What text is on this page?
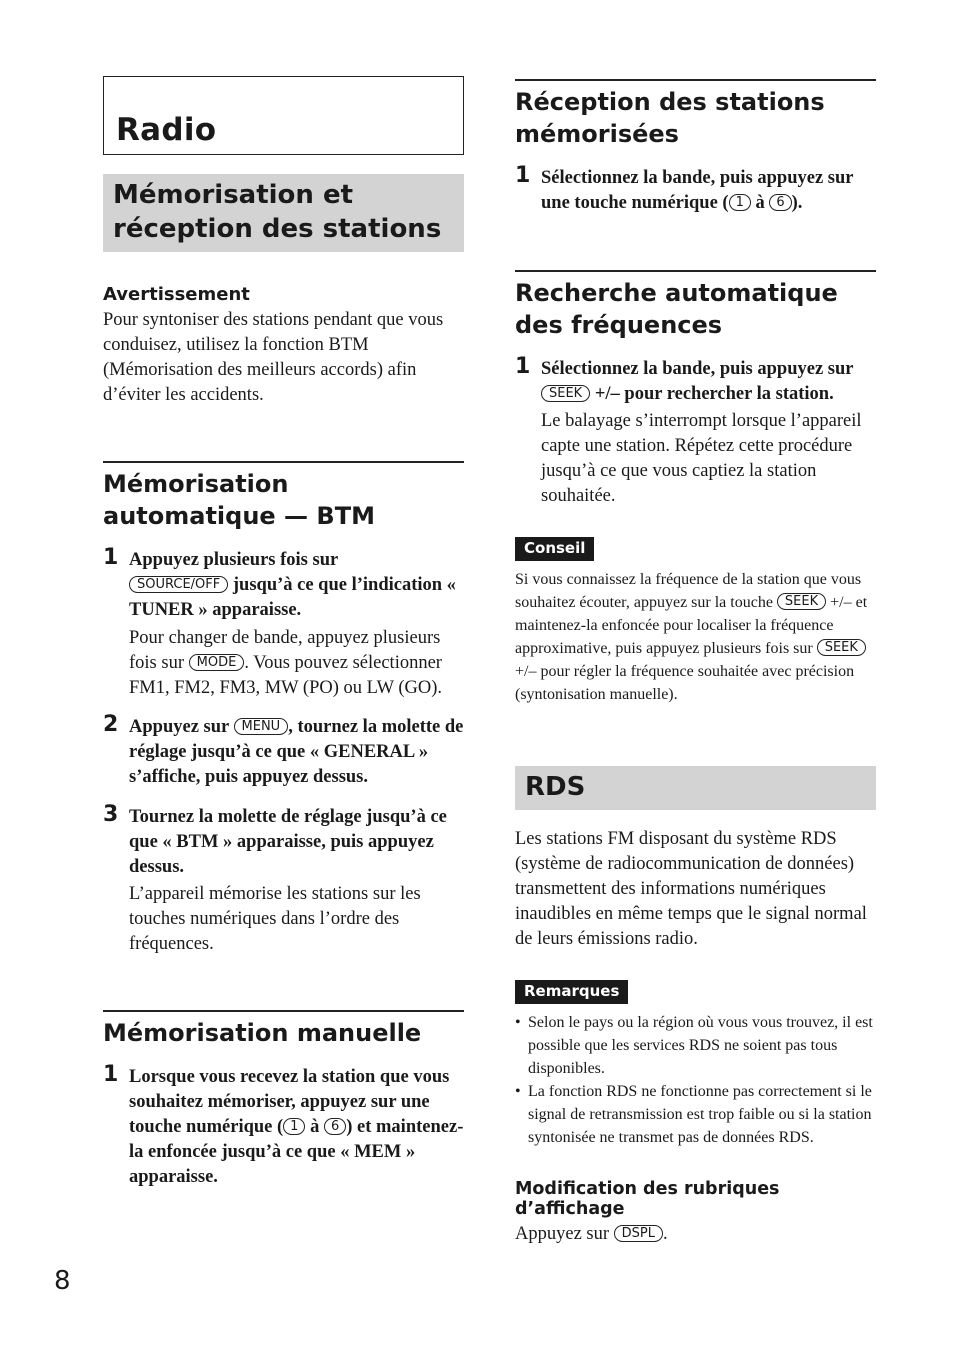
Radio
Mémorisation et réception des stations

Avertissement

Pour syntoniser des stations pendant que vous conduisez, utilisez la fonction BTM (Mémorisation des meilleurs accords) afin d’éviter les accidents.

Mémorisation automatique — BTM
1 Appuyez plusieurs fois sur
SOURCE/OFF jusqu’à ce que l’indication « TUNER » apparaisse.

Pour changer de bande, appuyez plusieurs fois sur MODE . Vous pouvez sélectionner FM1, FM2, FM3, MW (PO) ou LW (GO).

2 Appuyez sur MENU , tournez la molette de réglage jusqu’à ce que « GENERAL » s’affiche, puis appuyez dessus.

3 Tournez la molette de réglage jusqu’à ce que « BTM » apparaisse, puis appuyez dessus.

L’appareil mémorise les stations sur les touches numériques dans l’ordre des fréquences.

Mémorisation manuelle
1 Lorsque vous recevez la station que vous souhaitez mémoriser, appuyez sur une touche numérique ( 1 à 6 ) et maintenez-la enfoncée jusqu’à ce que « MEM » apparaisse.

Réception des stations mémorisées
1 Sélectionnez la bande, puis appuyez sur une touche numérique ( 1 à 6 ).

Recherche automatique des fréquences
1 Sélectionnez la bande, puis appuyez sur SEEK +/– pour rechercher la station.

Le balayage s’interrompt lorsque l’appareil capte une station. Répétez cette procédure jusqu’à ce que vous captiez la station souhaitée.

Conseil

Si vous connaissez la fréquence de la station que vous souhaitez écouter, appuyez sur la touche SEEK +/– et maintenez-la enfoncée pour localiser la fréquence approximative, puis appuyez plusieurs fois sur SEEK +/– pour régler la fréquence souhaitée avec précision (syntonisation manuelle).

RDS

Les stations FM disposant du système RDS (système de radiocommunication de données) transmettent des informations numériques inaudibles en même temps que le signal normal de leurs émissions radio.

Remarques
• Selon le pays ou la région où vous vous trouvez, il est possible que les services RDS ne soient pas tous disponibles.
• La fonction RDS ne fonctionne pas correctement si le signal de retransmission est trop faible ou si la station syntonisée ne transmet pas de données RDS.

Modification des rubriques d’affichage

Appuyez sur DSPL .

8
